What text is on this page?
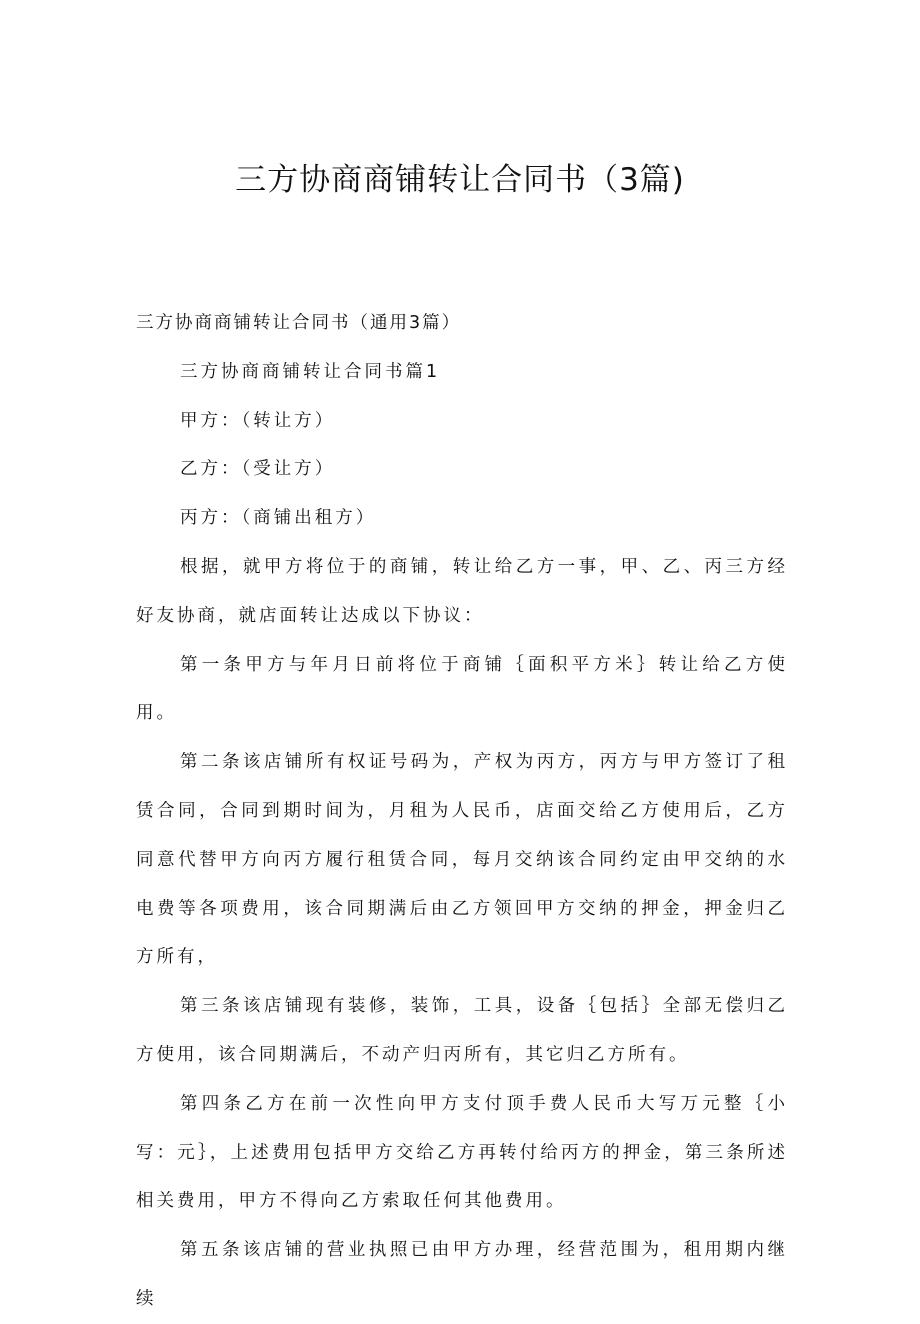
三方协商商铺转让合同书（3篇)

三方协商商铺转让合同书（通用3篇）

三方协商商铺转让合同书篇1

甲方：（转让方）

乙方：（受让方）

丙方：（商铺出租方）

根据，就甲方将位于的商铺，转让给乙方一事，甲、乙、丙三方经好友协商，就店面转让达成以下协议：

第一条甲方与年月日前将位于商铺｛面积平方米｝转让给乙方使用。

第二条该店铺所有权证号码为，产权为丙方，丙方与甲方签订了租赁合同，合同到期时间为，月租为人民币，店面交给乙方使用后，乙方同意代替甲方向丙方履行租赁合同，每月交纳该合同约定由甲交纳的水电费等各项费用，该合同期满后由乙方领回甲方交纳的押金，押金归乙方所有，

第三条该店铺现有装修，装饰，工具，设备｛包括｝全部无偿归乙方使用，该合同期满后，不动产归丙所有，其它归乙方所有。

第四条乙方在前一次性向甲方支付顶手费人民币大写万元整｛小写：元｝，上述费用包括甲方交给乙方再转付给丙方的押金，第三条所述相关费用，甲方不得向乙方索取任何其他费用。

第五条该店铺的营业执照已由甲方办理，经营范围为，租用期内继续
